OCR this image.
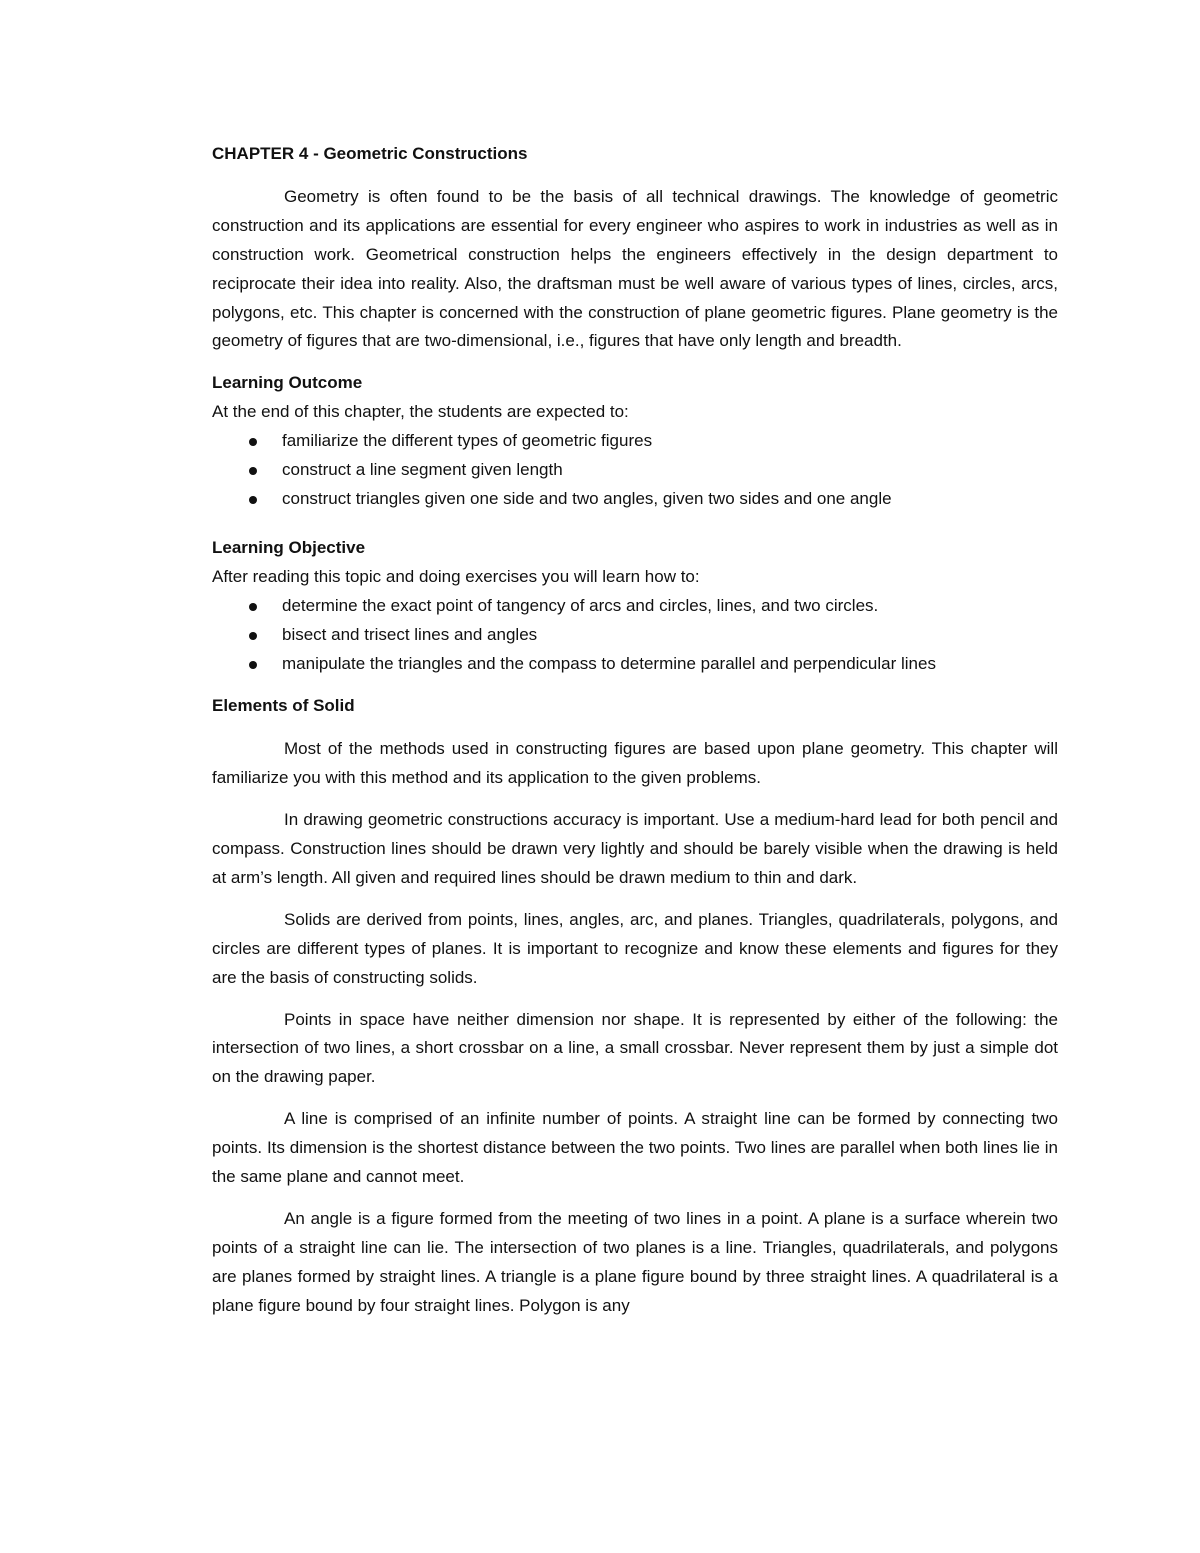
CHAPTER 4 - Geometric Constructions

Geometry is often found to be the basis of all technical drawings. The knowledge of geometric construction and its applications are essential for every engineer who aspires to work in industries as well as in construction work. Geometrical construction helps the engineers effectively in the design department to reciprocate their idea into reality. Also, the draftsman must be well aware of various types of lines, circles, arcs, polygons, etc. This chapter is concerned with the construction of plane geometric figures. Plane geometry is the geometry of figures that are two-dimensional, i.e., figures that have only length and breadth.

Learning Outcome
At the end of this chapter, the students are expected to:
familiarize the different types of geometric figures
construct a line segment given length
construct triangles given one side and two angles, given two sides and one angle
Learning Objective
After reading this topic and doing exercises you will learn how to:
determine the exact point of tangency of arcs and circles, lines, and two circles.
bisect and trisect lines and angles
manipulate the triangles and the compass to determine parallel and perpendicular lines
Elements of Solid

Most of the methods used in constructing figures are based upon plane geometry. This chapter will familiarize you with this method and its application to the given problems.

In drawing geometric constructions accuracy is important. Use a medium-hard lead for both pencil and compass. Construction lines should be drawn very lightly and should be barely visible when the drawing is held at arm’s length. All given and required lines should be drawn medium to thin and dark.

Solids are derived from points, lines, angles, arc, and planes. Triangles, quadrilaterals, polygons, and circles are different types of planes. It is important to recognize and know these elements and figures for they are the basis of constructing solids.

Points in space have neither dimension nor shape. It is represented by either of the following: the intersection of two lines, a short crossbar on a line, a small crossbar. Never represent them by just a simple dot on the drawing paper.

A line is comprised of an infinite number of points. A straight line can be formed by connecting two points. Its dimension is the shortest distance between the two points. Two lines are parallel when both lines lie in the same plane and cannot meet.

An angle is a figure formed from the meeting of two lines in a point. A plane is a surface wherein two points of a straight line can lie. The intersection of two planes is a line. Triangles, quadrilaterals, and polygons are planes formed by straight lines. A triangle is a plane figure bound by three straight lines. A quadrilateral is a plane figure bound by four straight lines. Polygon is any
